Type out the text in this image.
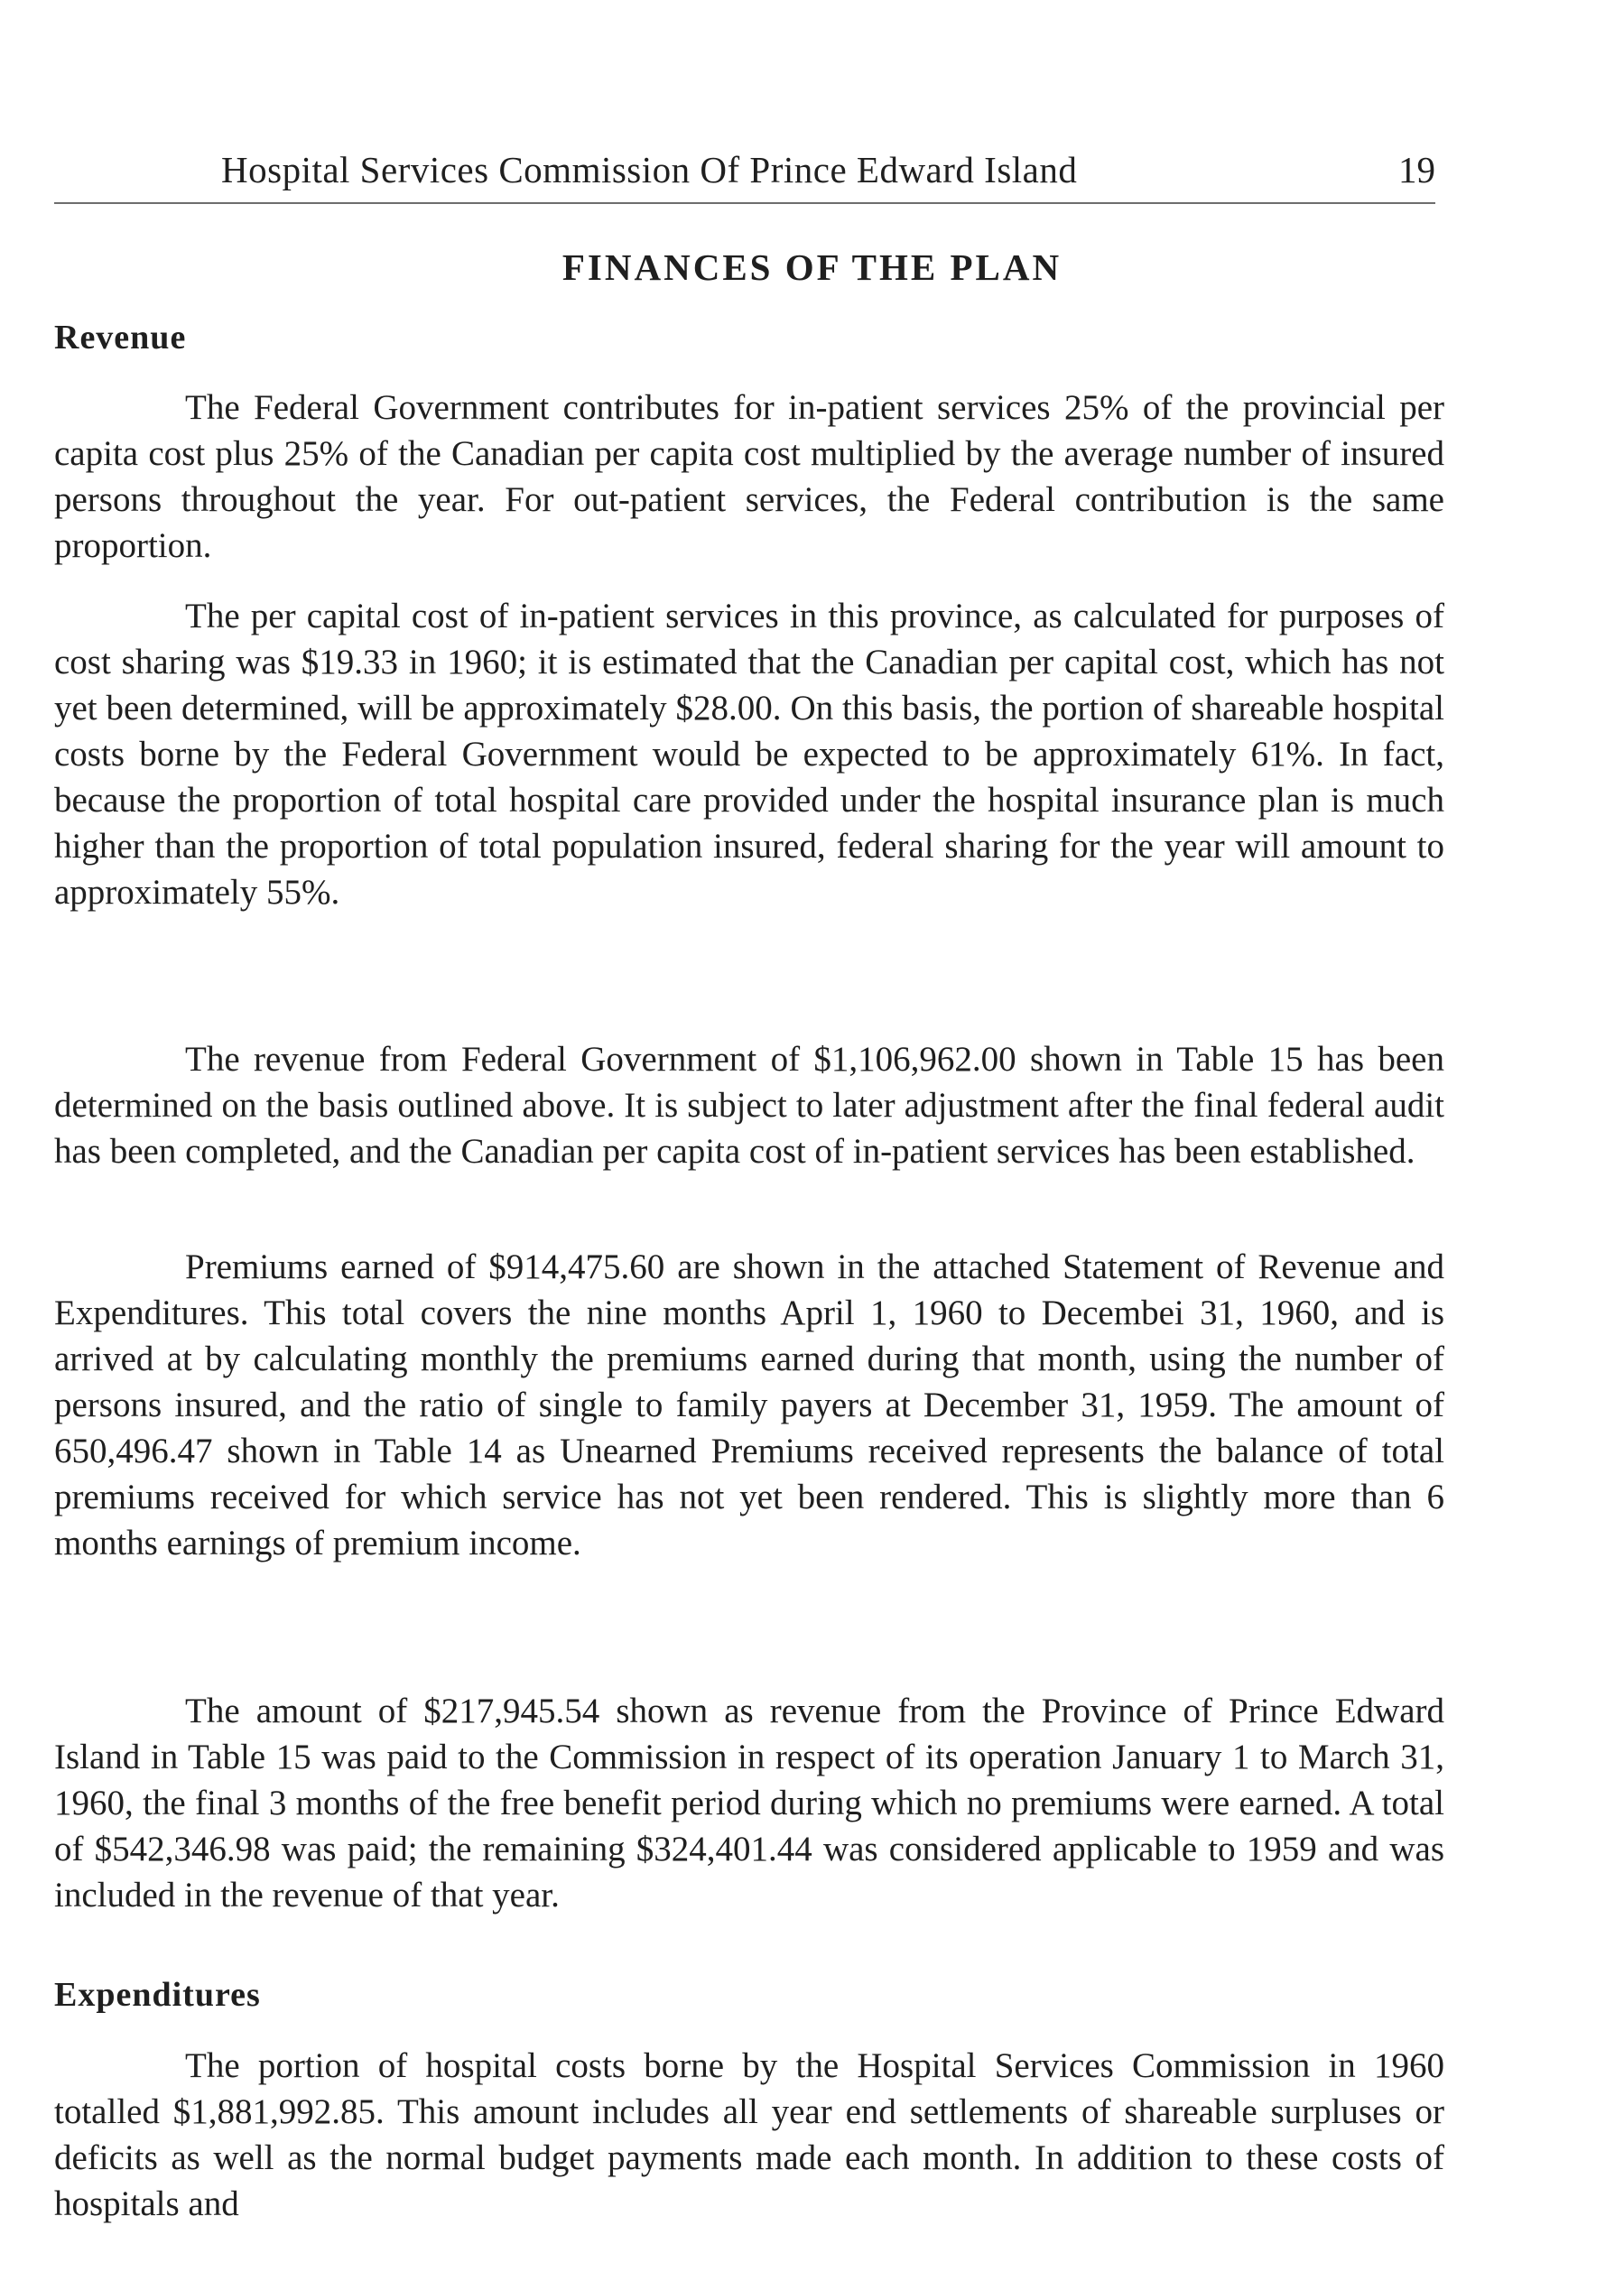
Hospital Services Commission Of Prince Edward Island	19
FINANCES OF THE PLAN
Revenue

The Federal Government contributes for in-patient services 25% of the provincial per capita cost plus 25% of the Canadian per capita cost multiplied by the average number of insured persons throughout the year. For out-patient services, the Federal contribution is the same proportion.

The per capital cost of in-patient services in this province, as calculated for purposes of cost sharing was $19.33 in 1960; it is estimated that the Canadian per capital cost, which has not yet been determined, will be approximately $28.00. On this basis, the portion of shareable hospital costs borne by the Federal Government would be expected to be approximately 61%. In fact, because the proportion of total hospital care provided under the hospital insurance plan is much higher than the proportion of total population insured, federal sharing for the year will amount to approximately 55%.

The revenue from Federal Government of $1,106,962.00 shown in Table 15 has been determined on the basis outlined above. It is subject to later adjustment after the final federal audit has been completed, and the Canadian per capita cost of in-patient services has been established.

Premiums earned of $914,475.60 are shown in the attached Statement of Revenue and Expenditures. This total covers the nine months April 1, 1960 to Decembei 31, 1960, and is arrived at by calculating monthly the premiums earned during that month, using the number of persons insured, and the ratio of single to family payers at December 31, 1959. The amount of 650,496.47 shown in Table 14 as Unearned Premiums received represents the balance of total premiums received for which service has not yet been rendered. This is slightly more than 6 months earnings of premium income.

The amount of $217,945.54 shown as revenue from the Province of Prince Edward Island in Table 15 was paid to the Commission in respect of its operation January 1 to March 31, 1960, the final 3 months of the free benefit period during which no premiums were earned. A total of $542,346.98 was paid; the remaining $324,401.44 was considered applicable to 1959 and was included in the revenue of that year.

Expenditures

The portion of hospital costs borne by the Hospital Services Commission in 1960 totalled $1,881,992.85. This amount includes all year end settlements of shareable surpluses or deficits as well as the normal budget payments made each month. In addition to these costs of hospitals and
